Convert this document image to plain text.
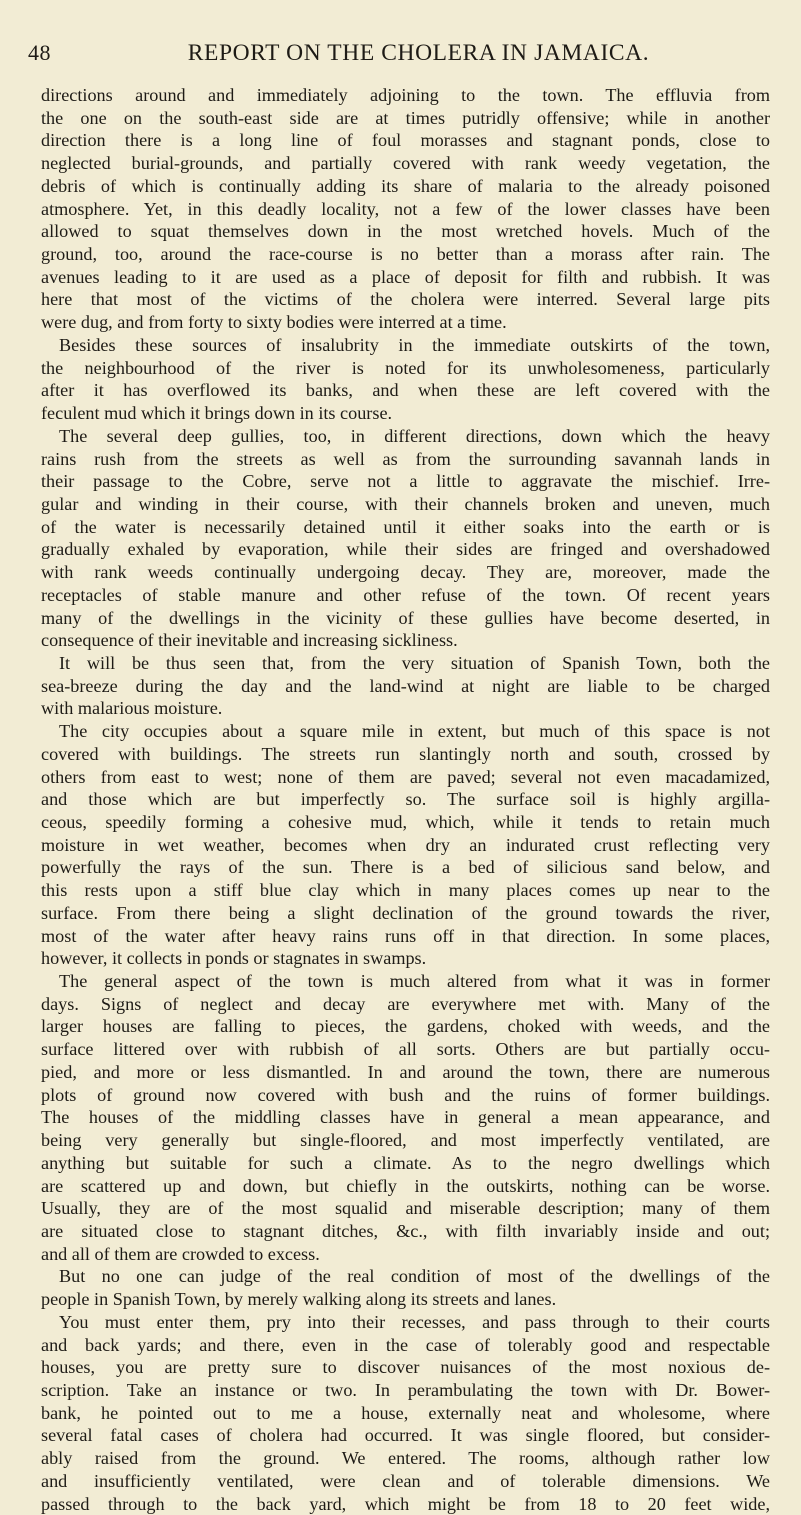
48	REPORT ON THE CHOLERA IN JAMAICA.
directions around and immediately adjoining to the town. The effluvia from
the one on the south-east side are at times putridly offensive; while in another
direction there is a long line of foul morasses and stagnant ponds, close to
neglected burial-grounds, and partially covered with rank weedy vegetation, the
debris of which is continually adding its share of malaria to the already poisoned
atmosphere. Yet, in this deadly locality, not a few of the lower classes have been
allowed to squat themselves down in the most wretched hovels. Much of the
ground, too, around the race-course is no better than a morass after rain. The
avenues leading to it are used as a place of deposit for filth and rubbish. It was
here that most of the victims of the cholera were interred. Several large pits
were dug, and from forty to sixty bodies were interred at a time.
Besides these sources of insalubrity in the immediate outskirts of the town,
the neighbourhood of the river is noted for its unwholesomeness, particularly
after it has overflowed its banks, and when these are left covered with the
feculent mud which it brings down in its course.
The several deep gullies, too, in different directions, down which the heavy
rains rush from the streets as well as from the surrounding savannah lands in
their passage to the Cobre, serve not a little to aggravate the mischief. Irre-
gular and winding in their course, with their channels broken and uneven, much
of the water is necessarily detained until it either soaks into the earth or is
gradually exhaled by evaporation, while their sides are fringed and overshadowed
with rank weeds continually undergoing decay. They are, moreover, made the
receptacles of stable manure and other refuse of the town. Of recent years
many of the dwellings in the vicinity of these gullies have become deserted, in
consequence of their inevitable and increasing sickliness.
It will be thus seen that, from the very situation of Spanish Town, both the
sea-breeze during the day and the land-wind at night are liable to be charged
with malarious moisture.
The city occupies about a square mile in extent, but much of this space is not
covered with buildings. The streets run slantingly north and south, crossed by
others from east to west; none of them are paved; several not even macadamized,
and those which are but imperfectly so. The surface soil is highly argilla-
ceous, speedily forming a cohesive mud, which, while it tends to retain much
moisture in wet weather, becomes when dry an indurated crust reflecting very
powerfully the rays of the sun. There is a bed of silicious sand below, and
this rests upon a stiff blue clay which in many places comes up near to the
surface. From there being a slight declination of the ground towards the river,
most of the water after heavy rains runs off in that direction. In some places,
however, it collects in ponds or stagnates in swamps.
The general aspect of the town is much altered from what it was in former
days. Signs of neglect and decay are everywhere met with. Many of the
larger houses are falling to pieces, the gardens, choked with weeds, and the
surface littered over with rubbish of all sorts. Others are but partially occu-
pied, and more or less dismantled. In and around the town, there are numerous
plots of ground now covered with bush and the ruins of former buildings.
The houses of the middling classes have in general a mean appearance, and
being very generally but single-floored, and most imperfectly ventilated, are
anything but suitable for such a climate. As to the negro dwellings which
are scattered up and down, but chiefly in the outskirts, nothing can be worse.
Usually, they are of the most squalid and miserable description; many of them
are situated close to stagnant ditches, &c., with filth invariably inside and out;
and all of them are crowded to excess.
But no one can judge of the real condition of most of the dwellings of the
people in Spanish Town, by merely walking along its streets and lanes.
You must enter them, pry into their recesses, and pass through to their courts
and back yards; and there, even in the case of tolerably good and respectable
houses, you are pretty sure to discover nuisances of the most noxious de-
scription. Take an instance or two. In perambulating the town with Dr. Bower-
bank, he pointed out to me a house, externally neat and wholesome, where
several fatal cases of cholera had occurred. It was single floored, but consider-
ably raised from the ground. We entered. The rooms, although rather low
and insufficiently ventilated, were clean and of tolerable dimensions. We
passed through to the back yard, which might be from 18 to 20 feet wide,
